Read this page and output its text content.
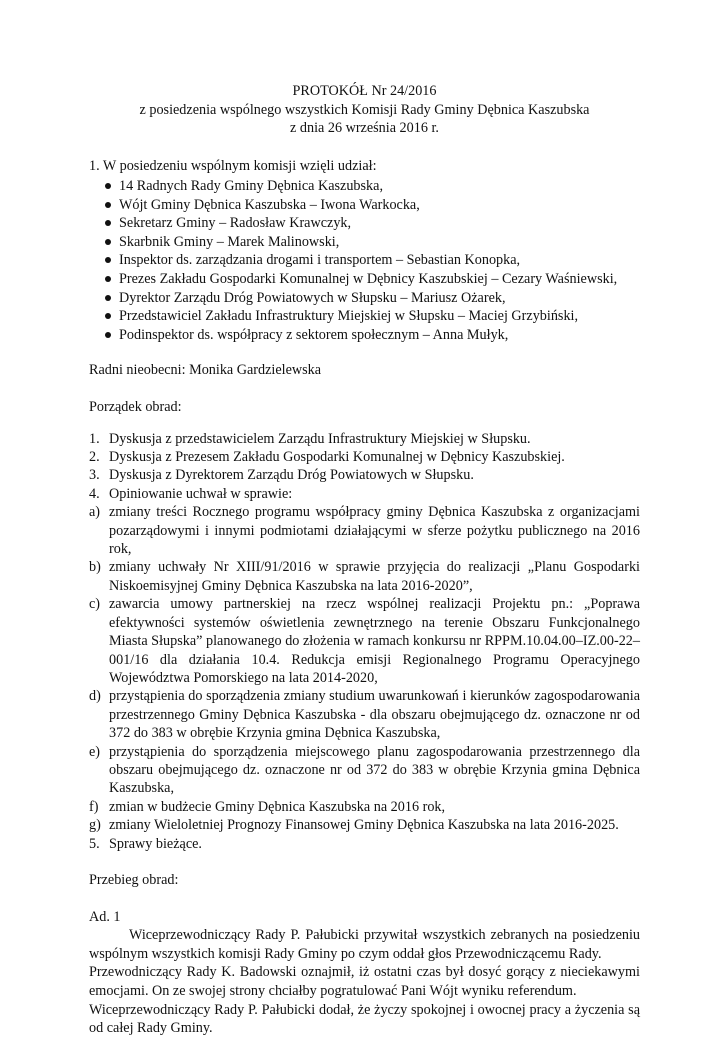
PROTOKÓŁ Nr 24/2016
z posiedzenia wspólnego wszystkich Komisji Rady Gminy Dębnica Kaszubska
z dnia 26 września 2016 r.

1. W posiedzeniu wspólnym komisji wzięli udział:

14 Radnych Rady Gminy Dębnica Kaszubska,
Wójt Gminy Dębnica Kaszubska – Iwona Warkocka,
Sekretarz Gminy – Radosław Krawczyk,
Skarbnik Gminy – Marek Malinowski,
Inspektor ds. zarządzania drogami i transportem – Sebastian Konopka,
Prezes Zakładu Gospodarki Komunalnej w Dębnicy Kaszubskiej – Cezary Waśniewski,
Dyrektor Zarządu Dróg Powiatowych w Słupsku – Mariusz Ożarek,
Przedstawiciel Zakładu Infrastruktury Miejskiej w Słupsku – Maciej Grzybiński,
Podinspektor ds. współpracy z sektorem społecznym – Anna Mułyk,

Radni nieobecni: Monika Gardzielewska

Porządek obrad:

1. Dyskusja z przedstawicielem Zarządu Infrastruktury Miejskiej w Słupsku.
2. Dyskusja z Prezesem Zakładu Gospodarki Komunalnej w Dębnicy Kaszubskiej.
3. Dyskusja z Dyrektorem Zarządu Dróg Powiatowych w Słupsku.
4. Opiniowanie uchwał w sprawie:
a) zmiany treści Rocznego programu współpracy gminy Dębnica Kaszubska z organizacjami pozarządowymi i innymi podmiotami działającymi w sferze pożytku publicznego na 2016 rok,
b) zmiany uchwały Nr XIII/91/2016 w sprawie przyjęcia do realizacji „Planu Gospodarki Niskoemisyjnej Gminy Dębnica Kaszubska na lata 2016-2020”,
c) zawarcia umowy partnerskiej na rzecz wspólnej realizacji Projektu pn.: „Poprawa efektywności systemów oświetlenia zewnętrznego na terenie Obszaru Funkcjonalnego Miasta Słupska” planowanego do złożenia w ramach konkursu nr RPPM.10.04.00–IZ.00-22–001/16 dla działania 10.4. Redukcja emisji Regionalnego Programu Operacyjnego Województwa Pomorskiego na lata 2014-2020,
d) przystąpienia do sporządzenia zmiany studium uwarunkowań i kierunków zagospodarowania przestrzennego Gminy Dębnica Kaszubska - dla obszaru obejmującego dz. oznaczone nr od 372 do 383 w obrębie Krzynia gmina Dębnica Kaszubska,
e) przystąpienia do sporządzenia miejscowego planu zagospodarowania przestrzennego dla obszaru obejmującego dz. oznaczone nr od 372 do 383 w obrębie Krzynia gmina Dębnica Kaszubska,
f) zmian w budżecie Gminy Dębnica Kaszubska na 2016 rok,
g) zmiany Wieloletniej Prognozy Finansowej Gminy Dębnica Kaszubska na lata 2016-2025.
5. Sprawy bieżące.

Przebieg obrad:

Ad. 1

Wiceprzewodniczący Rady P. Pałubicki przywitał wszystkich zebranych na posiedzeniu wspólnym wszystkich komisji Rady Gminy po czym oddał głos Przewodniczącemu Rady.

Przewodniczący Rady K. Badowski oznajmił, iż ostatni czas był dosyć gorący z nieciekawymi emocjami. On ze swojej strony chciałby pogratulować Pani Wójt wyniku referendum.

Wiceprzewodniczący Rady P. Pałubicki dodał, że życzy spokojnej i owocnej pracy a życzenia są od całej Rady Gminy.
